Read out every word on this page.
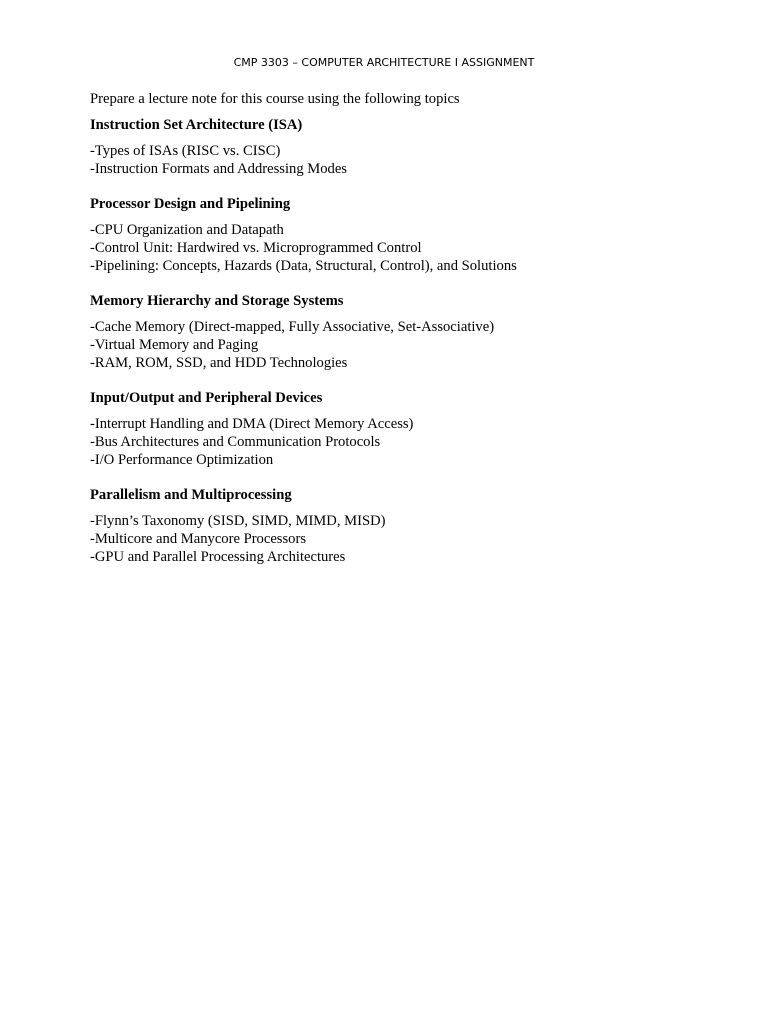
CMP 3303 – COMPUTER ARCHITECTURE I ASSIGNMENT

Prepare a lecture note for this course using the following topics

Instruction Set Architecture (ISA)
-Types of ISAs (RISC vs. CISC)
-Instruction Formats and Addressing Modes
Processor Design and Pipelining
-CPU Organization and Datapath
-Control Unit: Hardwired vs. Microprogrammed Control
-Pipelining: Concepts, Hazards (Data, Structural, Control), and Solutions
Memory Hierarchy and Storage Systems
-Cache Memory (Direct-mapped, Fully Associative, Set-Associative)
-Virtual Memory and Paging
-RAM, ROM, SSD, and HDD Technologies
Input/Output and Peripheral Devices
-Interrupt Handling and DMA (Direct Memory Access)
-Bus Architectures and Communication Protocols
-I/O Performance Optimization
Parallelism and Multiprocessing
-Flynn’s Taxonomy (SISD, SIMD, MIMD, MISD)
-Multicore and Manycore Processors
-GPU and Parallel Processing Architectures
